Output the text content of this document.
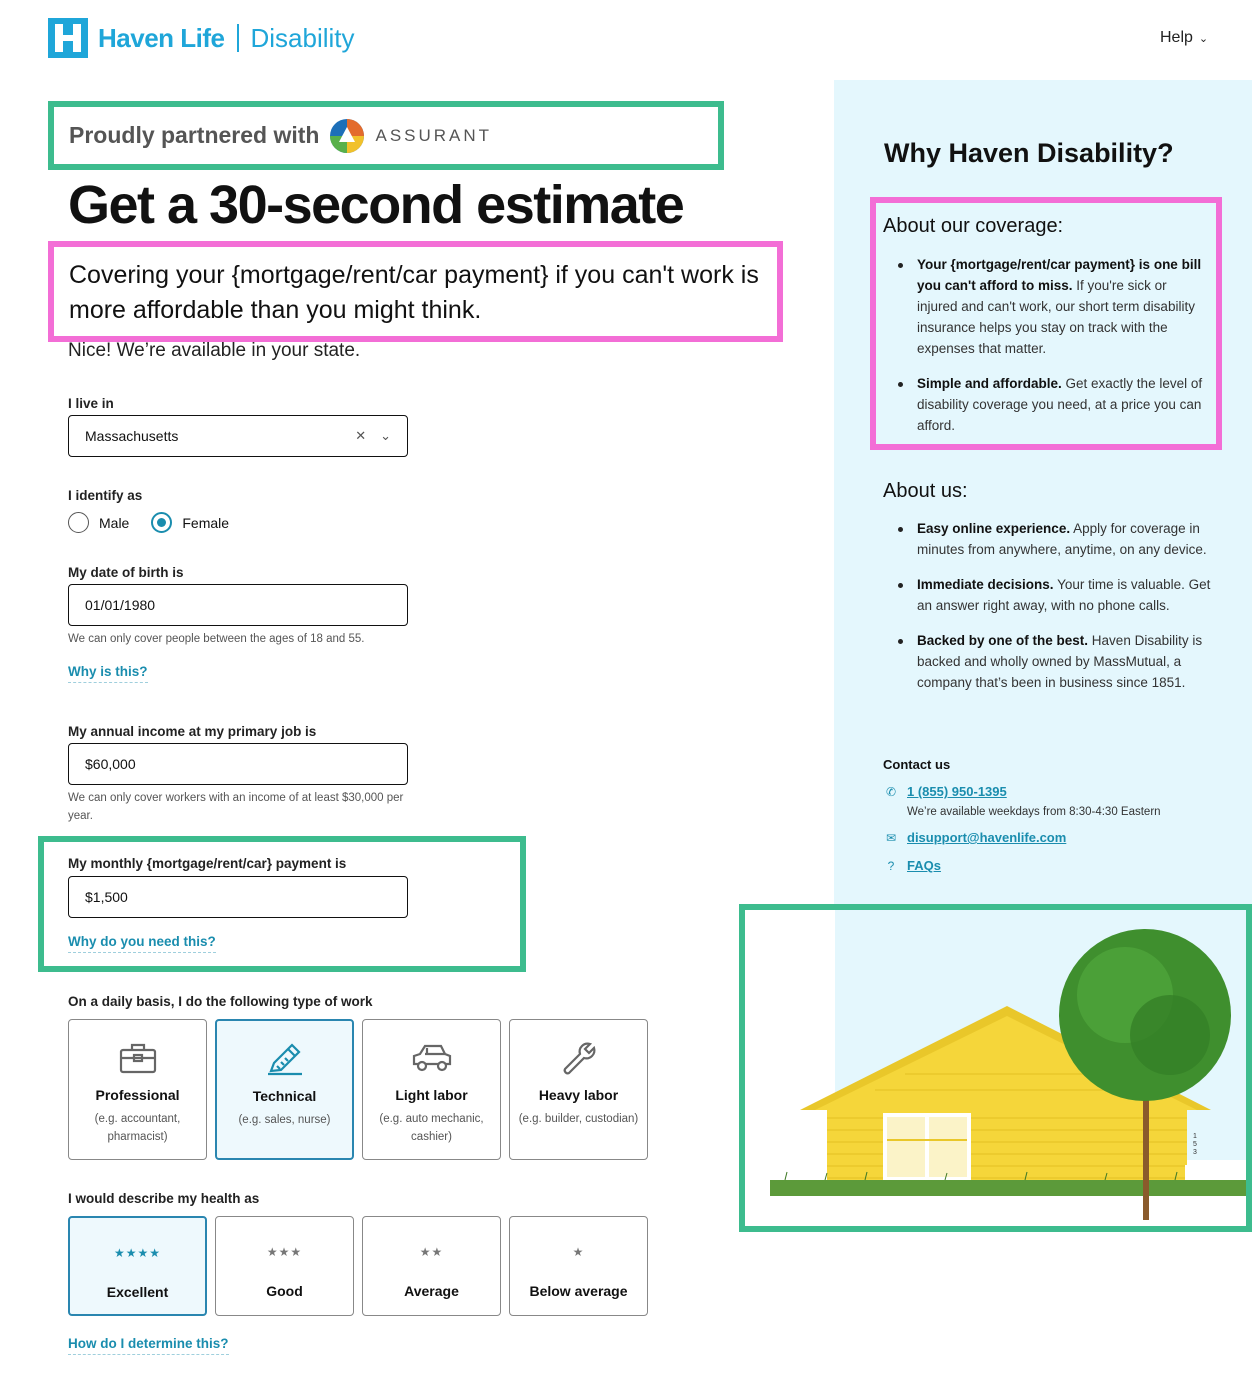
Haven Life Disability	Help ⌄
Why Haven Disability?
About our coverage:
Your {mortgage/rent/car payment} is one bill you can't afford to miss. If you're sick or injured and can't work, our short term disability insurance helps you stay on track with the expenses that matter.
Simple and affordable. Get exactly the level of disability coverage you need, at a price you can afford.
About us:
Easy online experience. Apply for coverage in minutes from anywhere, anytime, on any device.
Immediate decisions. Your time is valuable. Get an answer right away, with no phone calls.
Backed by one of the best. Haven Disability is backed and wholly owned by MassMutual, a company that’s been in business since 1851.
Contact us
✆ 1 (855) 950-1395
We’re available weekdays from 8:30-4:30 Eastern
✉ disupport@havenlife.com
? FAQs
1
5
3
Proudly partnered with	ASSURANT
Get a 30-second estimate
Covering your {mortgage/rent/car payment} if you can't work is more affordable than you might think.
Nice! We’re available in your state.
I live in
Massachusetts	✕ ⌄
I identify as
Male	Female
My date of birth is
01/01/1980
We can only cover people between the ages of 18 and 55.
Why is this?
My annual income at my primary job is
$60,000
We can only cover workers with an income of at least $30,000 per year.
My monthly {mortgage/rent/car} payment is
$1,500
Why do you need this?
On a daily basis, I do the following type of work
Professional
(e.g. accountant, pharmacist)
Technical
(e.g. sales, nurse)
Light labor
(e.g. auto mechanic, cashier)
Heavy labor
(e.g. builder, custodian)
I would describe my health as
★★★★
Excellent
★★★
Good
★★
Average
★
Below average
How do I determine this?
